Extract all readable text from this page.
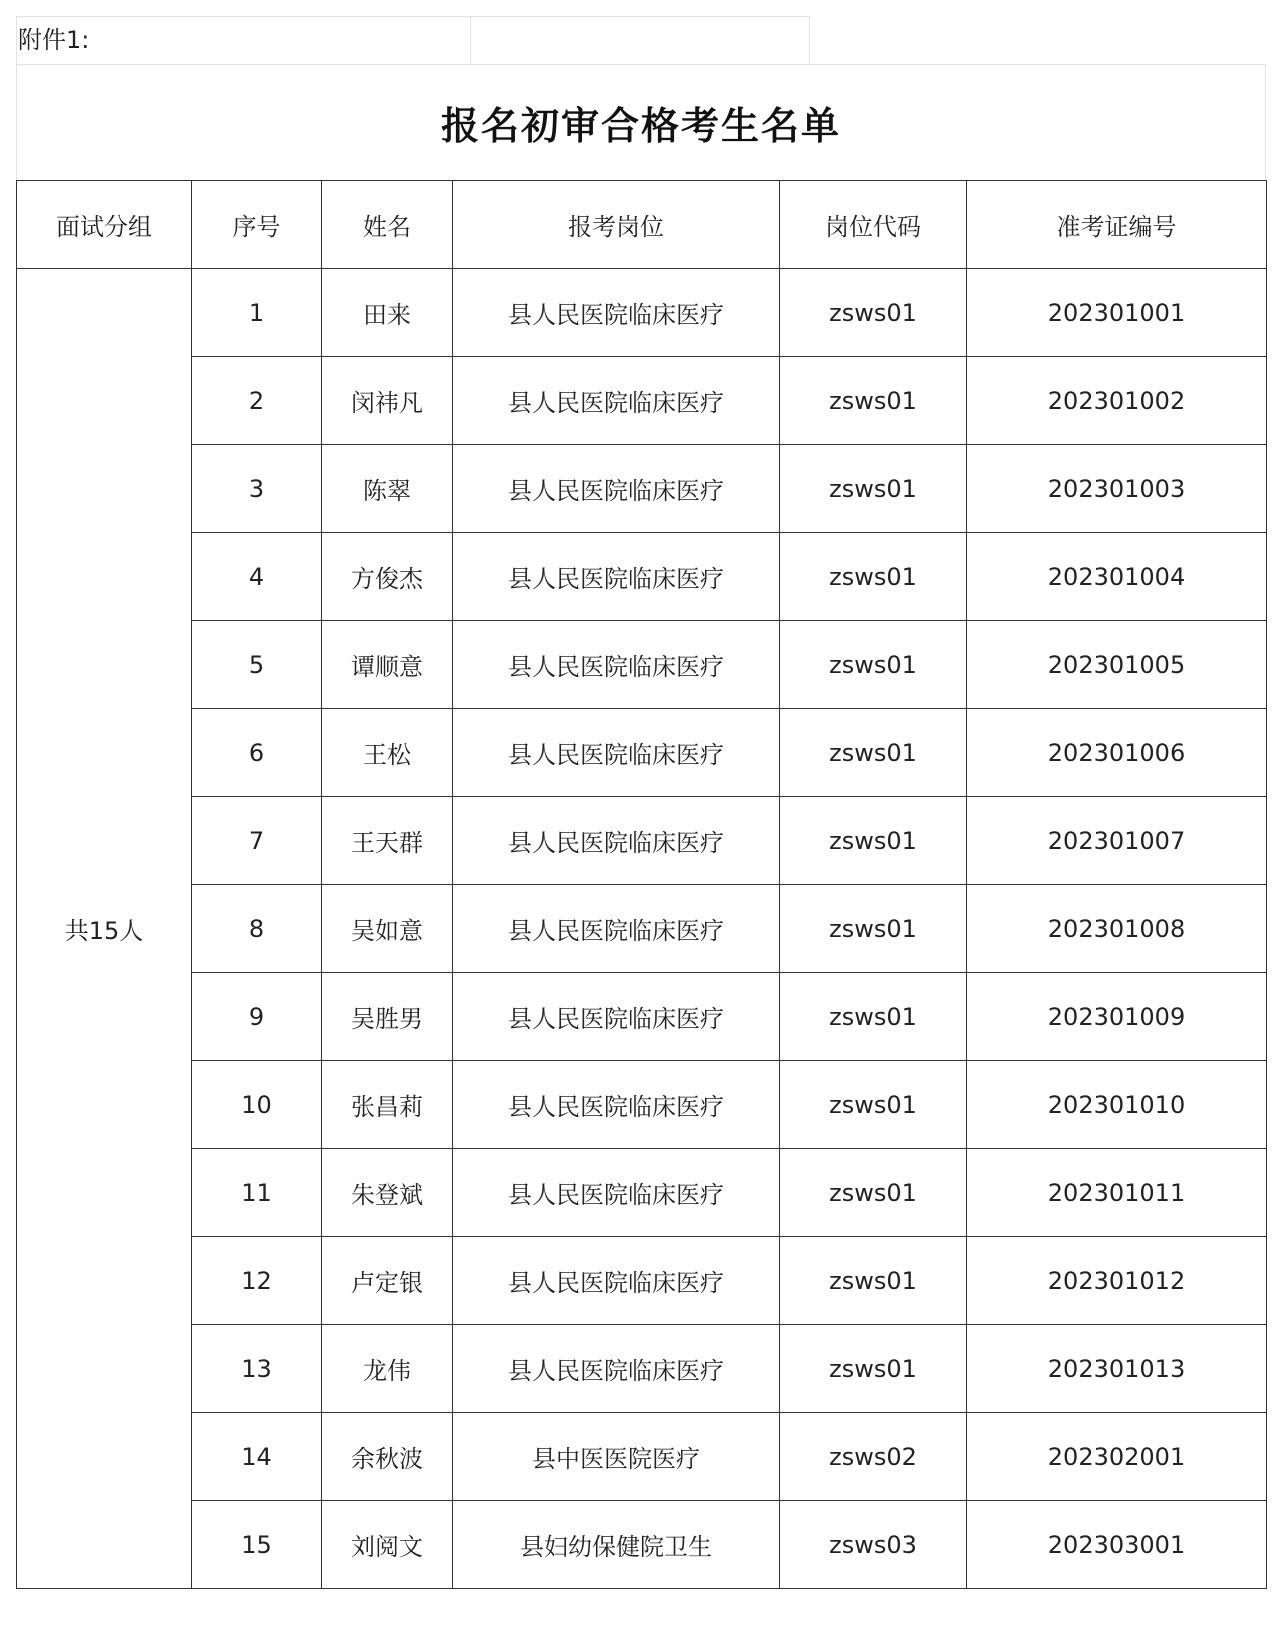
附件1:
报名初审合格考生名单
面试分组	序号	姓名	报考岗位	岗位代码	准考证编号
共15人	1	田来	县人民医院临床医疗	zsws01	202301001
	2	闵祎凡	县人民医院临床医疗	zsws01	202301002
	3	陈翠	县人民医院临床医疗	zsws01	202301003
	4	方俊杰	县人民医院临床医疗	zsws01	202301004
	5	谭顺意	县人民医院临床医疗	zsws01	202301005
	6	王松	县人民医院临床医疗	zsws01	202301006
	7	王天群	县人民医院临床医疗	zsws01	202301007
	8	吴如意	县人民医院临床医疗	zsws01	202301008
	9	吴胜男	县人民医院临床医疗	zsws01	202301009
	10	张昌莉	县人民医院临床医疗	zsws01	202301010
	11	朱登斌	县人民医院临床医疗	zsws01	202301011
	12	卢定银	县人民医院临床医疗	zsws01	202301012
	13	龙伟	县人民医院临床医疗	zsws01	202301013
	14	余秋波	县中医医院医疗	zsws02	202302001
	15	刘阅文	县妇幼保健院卫生	zsws03	202303001
